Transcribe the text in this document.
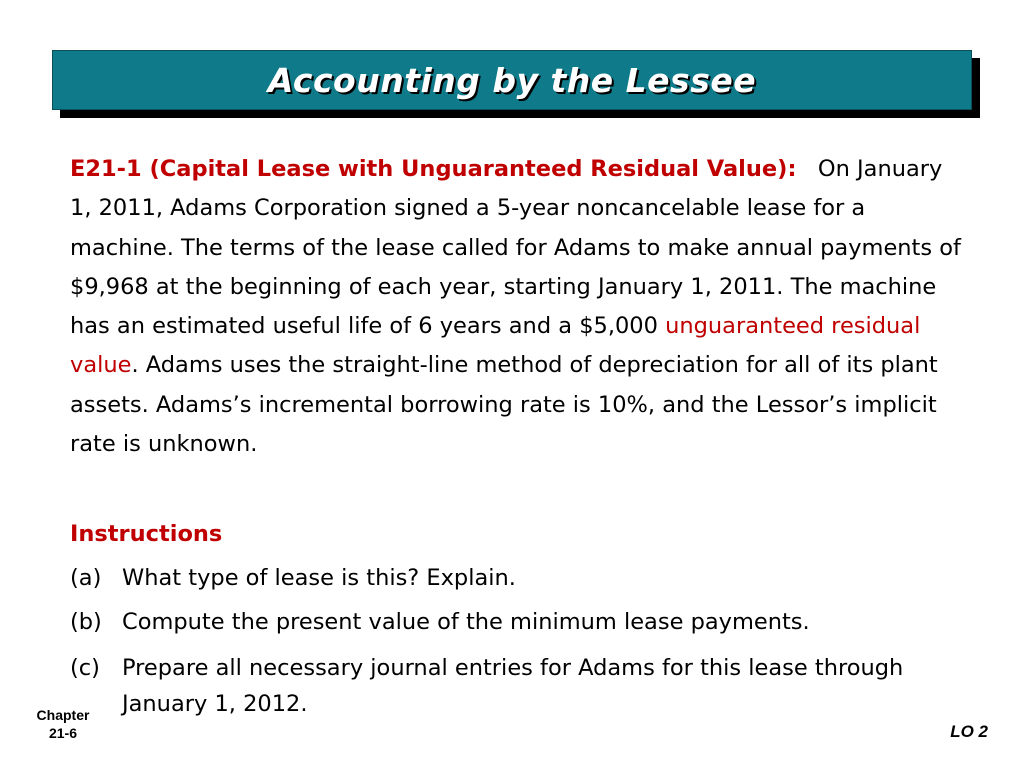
Accounting by the Lessee
E21-1 (Capital Lease with Unguaranteed Residual Value): On January 1, 2011, Adams Corporation signed a 5-year noncancelable lease for a machine. The terms of the lease called for Adams to make annual payments of $9,968 at the beginning of each year, starting January 1, 2011. The machine has an estimated useful life of 6 years and a $5,000 unguaranteed residual value. Adams uses the straight-line method of depreciation for all of its plant assets. Adams’s incremental borrowing rate is 10%, and the Lessor’s implicit rate is unknown.
Instructions
(a) What type of lease is this? Explain.
(b) Compute the present value of the minimum lease payments.
(c) Prepare all necessary journal entries for Adams for this lease through January 1, 2012.
Chapter
21-6	LO 2
